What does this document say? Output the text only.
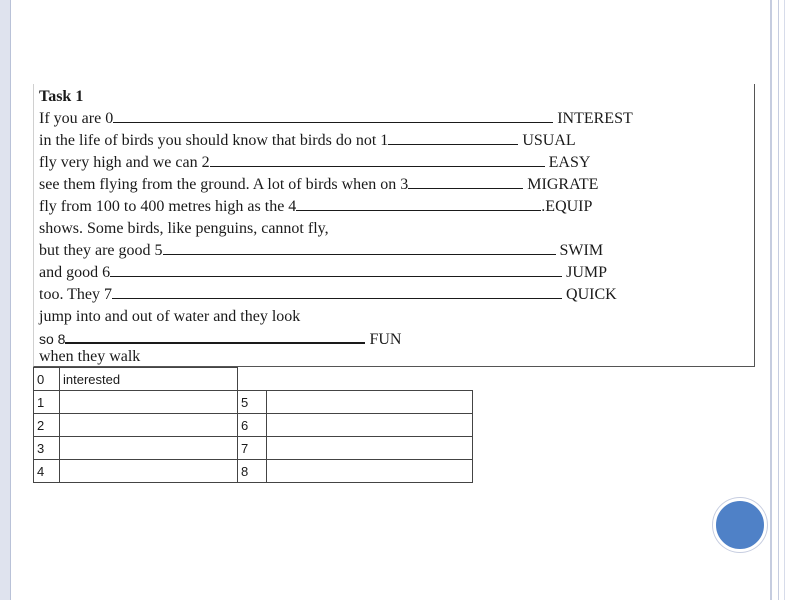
Task 1
If you are 0	INTEREST
in the life of birds you should know that birds do not 1	USUAL
fly very high and we can 2	EASY
see them flying from the ground. A lot of birds when on 3	MIGRATE
fly from 100 to 400 metres high as the 4	.EQUIP
shows. Some birds, like penguins, cannot fly,
but they are good 5	SWIM
and good 6	JUMP
too. They 7	QUICK
jump into and out of water and they look
so 8	FUN
when they walk
0	interested		
1		5	
2		6	
3		7	
4		8	
